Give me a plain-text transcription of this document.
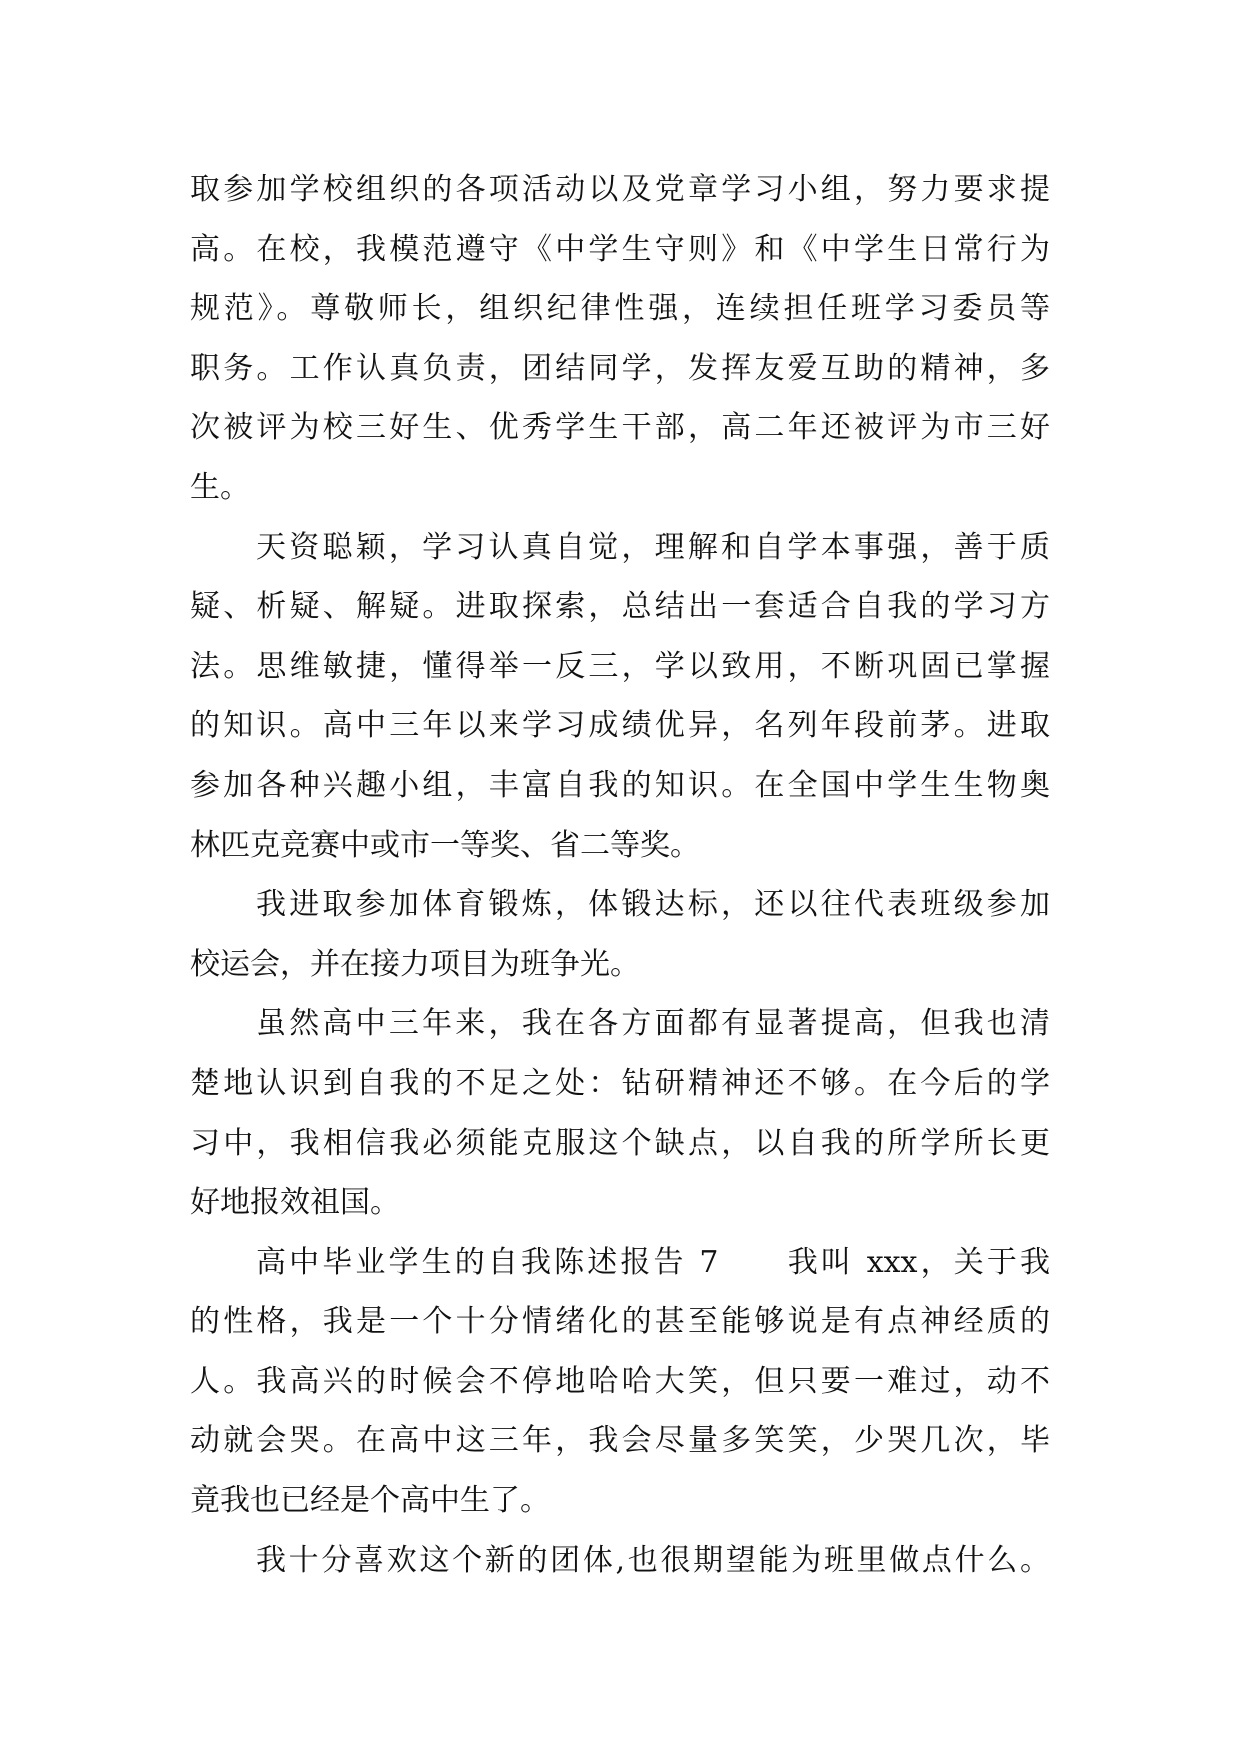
取参加学校组织的各项活动以及党章学习小组，努力要求提
高。在校，我模范遵守《中学生守则》和《中学生日常行为
规范》。尊敬师长，组织纪律性强，连续担任班学习委员等
职务。工作认真负责，团结同学，发挥友爱互助的精神，多
次被评为校三好生、优秀学生干部，高二年还被评为市三好
生。
天资聪颖，学习认真自觉，理解和自学本事强，善于质
疑、析疑、解疑。进取探索，总结出一套适合自我的学习方
法。思维敏捷，懂得举一反三，学以致用，不断巩固已掌握
的知识。高中三年以来学习成绩优异，名列年段前茅。进取
参加各种兴趣小组，丰富自我的知识。在全国中学生生物奥
林匹克竞赛中或市一等奖、省二等奖。
我进取参加体育锻炼，体锻达标，还以往代表班级参加
校运会，并在接力项目为班争光。
虽然高中三年来，我在各方面都有显著提高，但我也清
楚地认识到自我的不足之处：钻研精神还不够。在今后的学
习中，我相信我必须能克服这个缺点，以自我的所学所长更
好地报效祖国。
高中毕业学生的自我陈述报告 7　　我叫 xxx，关于我
的性格，我是一个十分情绪化的甚至能够说是有点神经质的
人。我高兴的时候会不停地哈哈大笑，但只要一难过，动不
动就会哭。在高中这三年，我会尽量多笑笑，少哭几次，毕
竟我也已经是个高中生了。
我十分喜欢这个新的团体,也很期望能为班里做点什么。
